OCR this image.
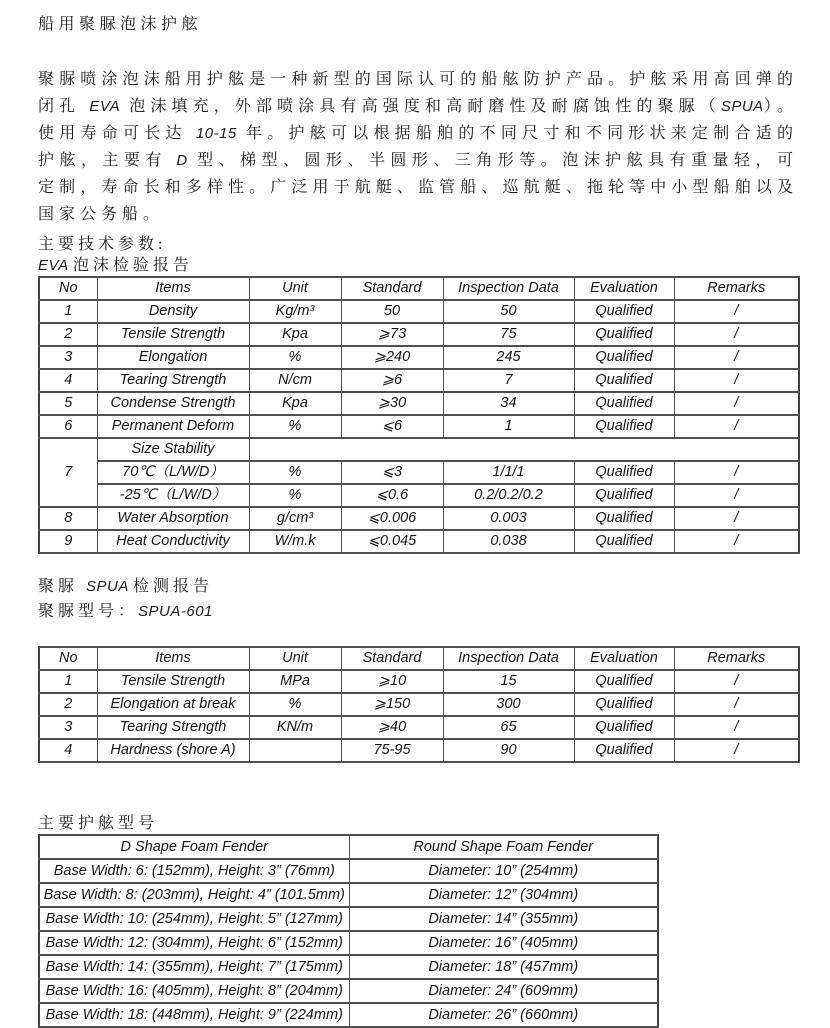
船用聚脲泡沫护舷

聚脲喷涂泡沫船用护舷是一种新型的国际认可的船舷防护产品。护舷采用高回弹的闭孔 EVA 泡沫填充，外部喷涂具有高强度和高耐磨性及耐腐蚀性的聚脲（SPUA）。使用寿命可长达 10-15 年。护舷可以根据船舶的不同尺寸和不同形状来定制合适的护舷，主要有 D 型、梯型、圆形、半圆形、三角形等。泡沫护舷具有重量轻，可定制，寿命长和多样性。广泛用于航艇、监管船、巡航艇、拖轮等中小型船舶以及国家公务船。

主要技术参数:
EVA 泡沫检验报告
No	Items	Unit	Standard	Inspection Data	Evaluation	Remarks
1	Density	Kg/m³	50	50	Qualified	/
2	Tensile Strength	Kpa	⩾73	75	Qualified	/
3	Elongation	%	⩾240	245	Qualified	/
4	Tearing Strength	N/cm	⩾6	7	Qualified	/
5	Condense Strength	Kpa	⩾30	34	Qualified	/
6	Permanent Deform	%	⩽6	1	Qualified	/
7	Size Stability					
	70℃（L/W/D）	%	⩽3	1/1/1	Qualified	/
	-25℃（L/W/D）	%	⩽0.6	0.2/0.2/0.2	Qualified	/
8	Water Absorption	g/cm³	⩽0.006	0.003	Qualified	/
9	Heat Conductivity	W/m.k	⩽0.045	0.038	Qualified	/
聚脲 SPUA 检测报告
聚脲型号：SPUA-601
No	Items	Unit	Standard	Inspection Data	Evaluation	Remarks
1	Tensile Strength	MPa	⩾10	15	Qualified	/
2	Elongation at break	%	⩾150	300	Qualified	/
3	Tearing Strength	KN/m	⩾40	65	Qualified	/
4	Hardness (shore A)		75-95	90	Qualified	/
主要护舷型号
D Shape Foam Fender	Round Shape Foam Fender
Base Width: 6: (152mm), Height: 3” (76mm)	Diameter: 10” (254mm)
Base Width: 8: (203mm), Height: 4” (101.5mm)	Diameter: 12” (304mm)
Base Width: 10: (254mm), Height: 5” (127mm)	Diameter: 14” (355mm)
Base Width: 12: (304mm), Height: 6” (152mm)	Diameter: 16” (405mm)
Base Width: 14: (355mm), Height: 7” (175mm)	Diameter: 18” (457mm)
Base Width: 16: (405mm), Height: 8” (204mm)	Diameter: 24” (609mm)
Base Width: 18: (448mm), Height: 9” (224mm)	Diameter: 26” (660mm)
